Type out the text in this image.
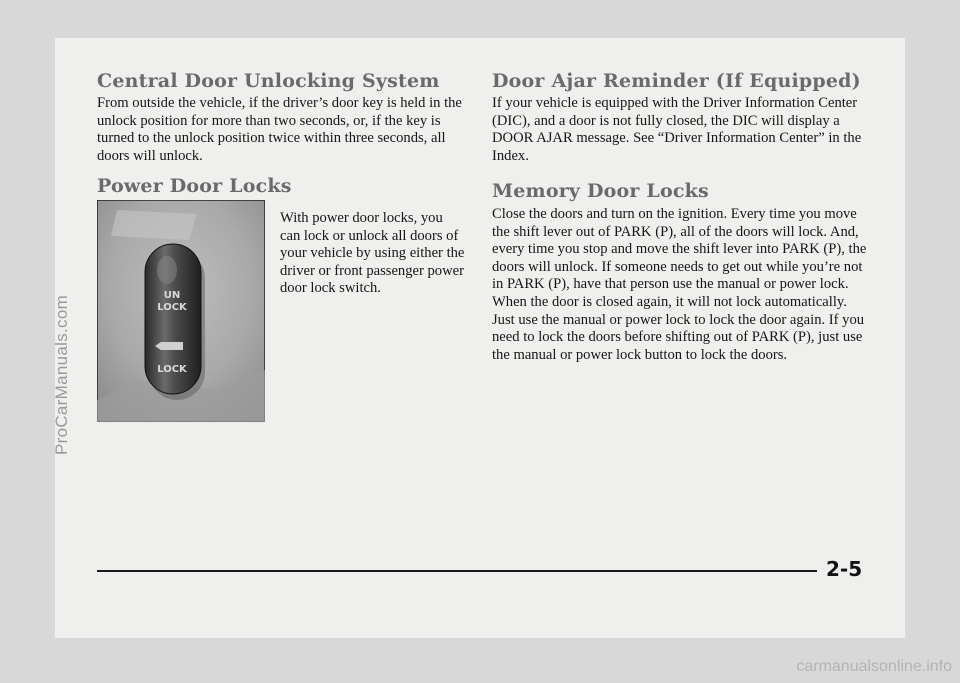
Central Door Unlocking System

From outside the vehicle, if the driver’s door key is held in the unlock position for more than two seconds, or, if the key is turned to the unlock position twice within three seconds, all doors will unlock.

Power Door Locks
UN
LOCK
LOCK

With power door locks, you can lock or unlock all doors of your vehicle by using either the driver or front passenger power door lock switch.

Door Ajar Reminder (If Equipped)

If your vehicle is equipped with the Driver Information Center (DIC), and a door is not fully closed, the DIC will display a DOOR AJAR message. See “Driver Information Center” in the Index.

Memory Door Locks

Close the doors and turn on the ignition. Every time you move the shift lever out of PARK (P), all of the doors will lock. And, every time you stop and move the shift lever into PARK (P), the doors will unlock. If someone needs to get out while you’re not in PARK (P), have that person use the manual or power lock. When the door is closed again, it will not lock automatically. Just use the manual or power lock to lock the door again. If you need to lock the doors before shifting out of PARK (P), just use the manual or power lock button to lock the doors.

2-5
ProCarManuals.com
carmanualsonline.info
